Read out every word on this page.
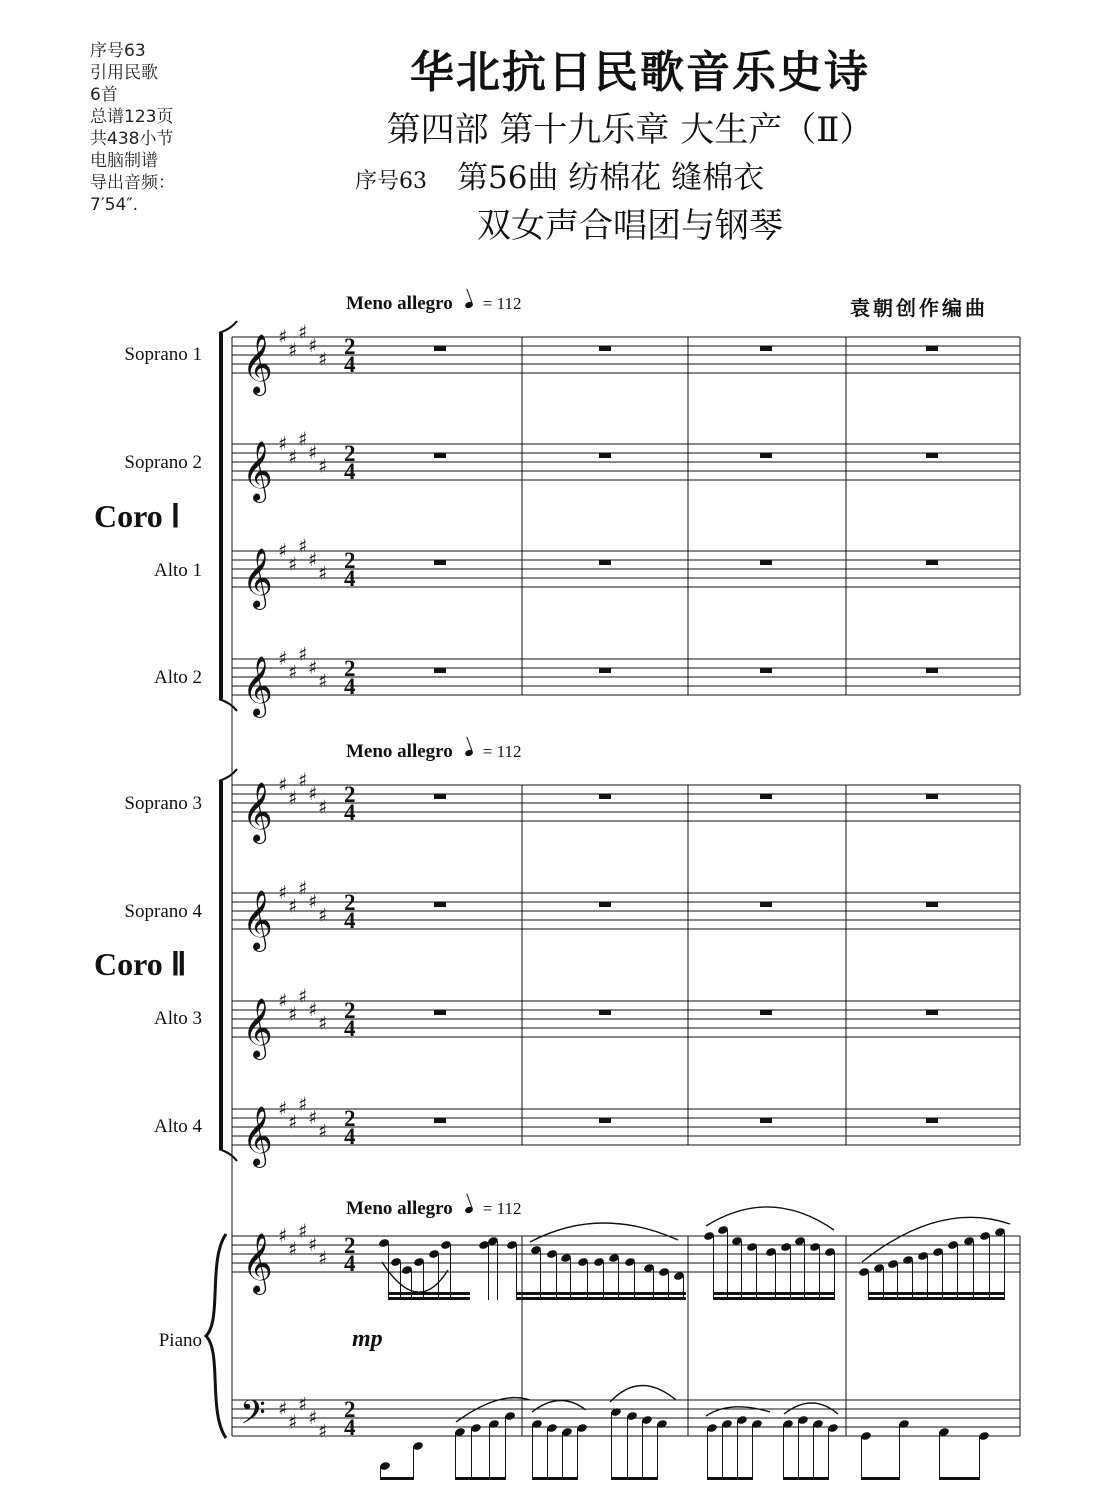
序号63
引用民歌
6首
总谱123页
共438小节
电脑制谱
导出音频：
7′54″.
华北抗日民歌音乐史诗
第四部 第十九乐章 大生产（Ⅱ）
序号63 第56曲 纺棉花 缝棉衣
双女声合唱团与钢琴
袁朝创作编曲
Meno allegro = 112
Meno allegro = 112
Meno allegro = 112
Soprano 1
Soprano 2
Alto 1
Alto 2
Soprano 3
Soprano 4
Alto 3
Alto 4
Piano
Coro Ⅰ
Coro Ⅱ
𝄞 ♯
♯
♯
♯
♯
2
4
𝄞 ♯
♯
♯
♯
♯
2
4
𝄞 ♯
♯
♯
♯
♯
2
4
𝄞 ♯
♯
♯
♯
♯
2
4
𝄞 ♯
♯
♯
♯
♯
2
4
𝄞 ♯
♯
♯
♯
♯
2
4
𝄞 ♯
♯
♯
♯
♯
2
4
𝄞 ♯
♯
♯
♯
♯
2
4
𝄞 ♯
♯
♯
♯
♯
2
4
𝄢 ♯
♯
♯
♯
♯
2
4
mp
